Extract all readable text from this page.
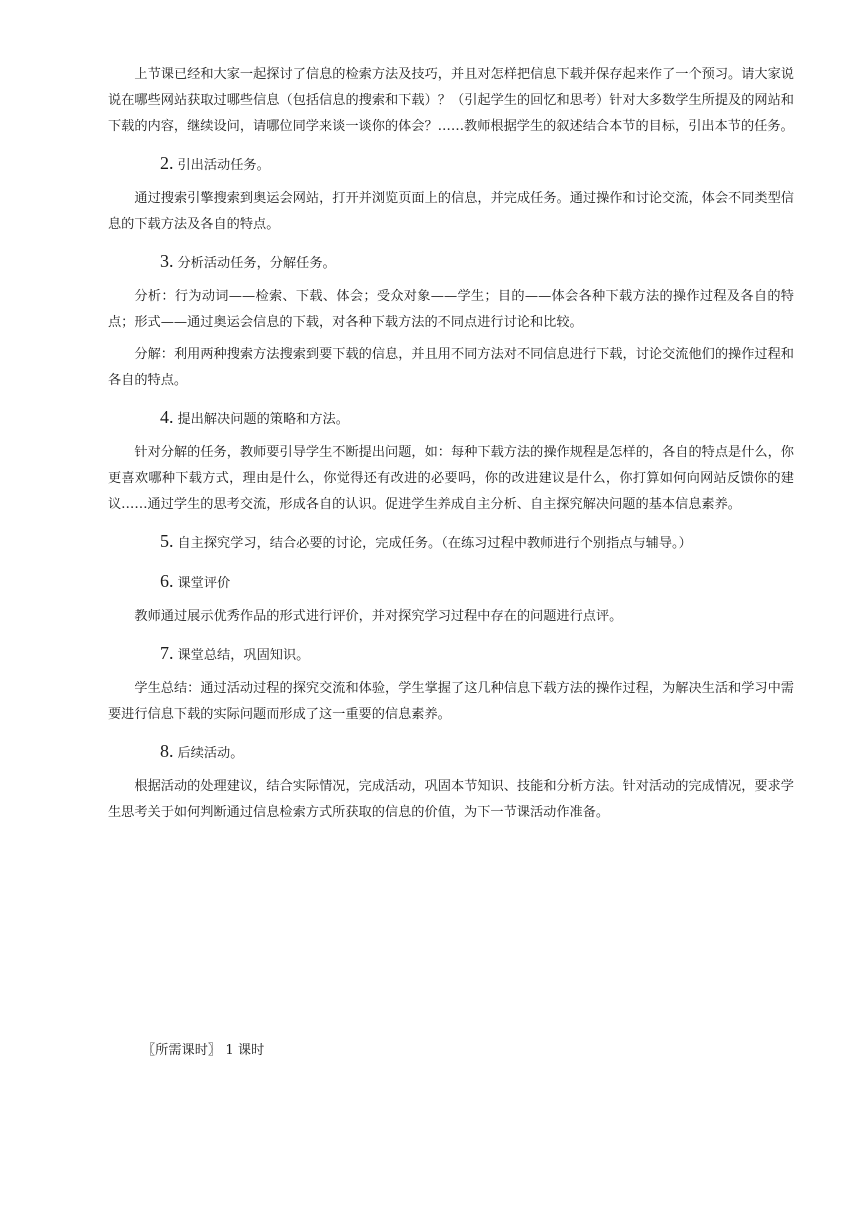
上节课已经和大家一起探讨了信息的检索方法及技巧，并且对怎样把信息下载并保存起来作了一个预习。请大家说说在哪些网站获取过哪些信息（包括信息的搜索和下载）？（引起学生的回忆和思考）针对大多数学生所提及的网站和下载的内容，继续设问，请哪位同学来谈一谈你的体会？……教师根据学生的叙述结合本节的目标，引出本节的任务。

2. 引出活动任务。

通过搜索引擎搜索到奥运会网站，打开并浏览页面上的信息，并完成任务。通过操作和讨论交流，体会不同类型信息的下载方法及各自的特点。

3. 分析活动任务，分解任务。

分析：行为动词——检索、下载、体会；受众对象——学生；目的——体会各种下载方法的操作过程及各自的特点；形式——通过奥运会信息的下载，对各种下载方法的不同点进行讨论和比较。

分解：利用两种搜索方法搜索到要下载的信息，并且用不同方法对不同信息进行下载，讨论交流他们的操作过程和各自的特点。

4. 提出解决问题的策略和方法。

针对分解的任务，教师要引导学生不断提出问题，如：每种下载方法的操作规程是怎样的，各自的特点是什么，你更喜欢哪种下载方式，理由是什么，你觉得还有改进的必要吗，你的改进建议是什么，你打算如何向网站反馈你的建议……通过学生的思考交流，形成各自的认识。促进学生养成自主分析、自主探究解决问题的基本信息素养。

5. 自主探究学习，结合必要的讨论，完成任务。（在练习过程中教师进行个别指点与辅导。）
6. 课堂评价

教师通过展示优秀作品的形式进行评价，并对探究学习过程中存在的问题进行点评。

7. 课堂总结，巩固知识。

学生总结：通过活动过程的探究交流和体验，学生掌握了这几种信息下载方法的操作过程，为解决生活和学习中需要进行信息下载的实际问题而形成了这一重要的信息素养。

8. 后续活动。

根据活动的处理建议，结合实际情况，完成活动，巩固本节知识、技能和分析方法。针对活动的完成情况，要求学生思考关于如何判断通过信息检索方式所获取的信息的价值，为下一节课活动作准备。

〖所需课时〗 1 课时
